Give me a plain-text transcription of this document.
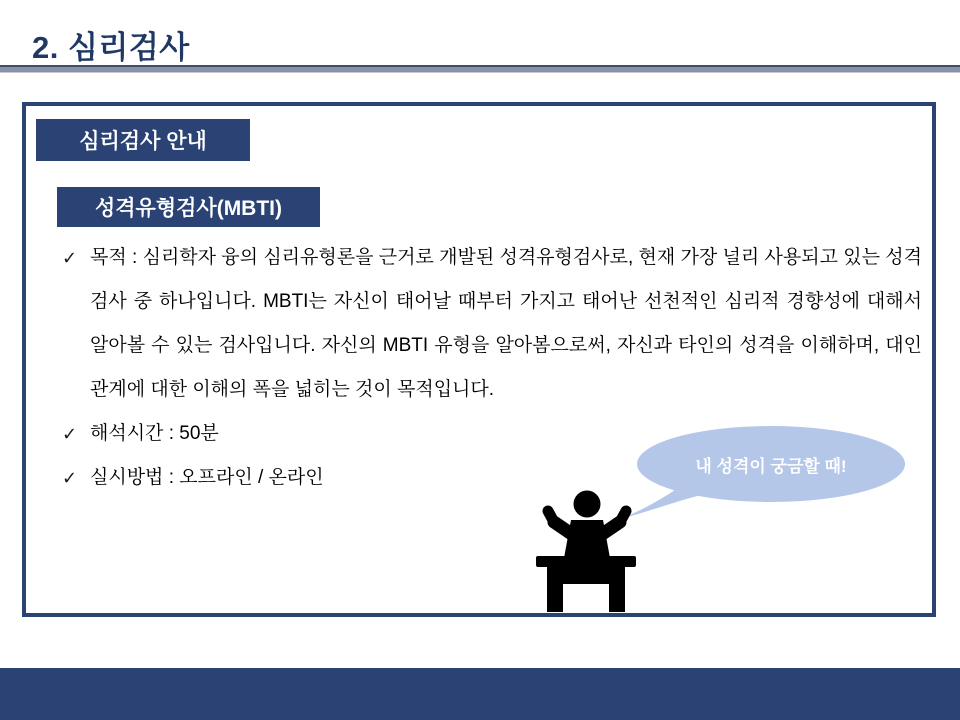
2. 심리검사
심리검사 안내
성격유형검사(MBTI)
✓ 목적 : 심리학자 융의 심리유형론을 근거로 개발된 성격유형검사로, 현재 가장 널리 사용되고 있는 성격 검사 중 하나입니다. MBTI는 자신이 태어날 때부터 가지고 태어난 선천적인 심리적 경향성에 대해서 알아볼 수 있는 검사입니다. 자신의 MBTI 유형을 알아봄으로써, 자신과 타인의 성격을 이해하며, 대인관계에 대한 이해의 폭을 넓히는 것이 목적입니다.
✓ 해석시간 : 50분
✓ 실시방법 : 오프라인 / 온라인
내 성격이 궁금할 때!
